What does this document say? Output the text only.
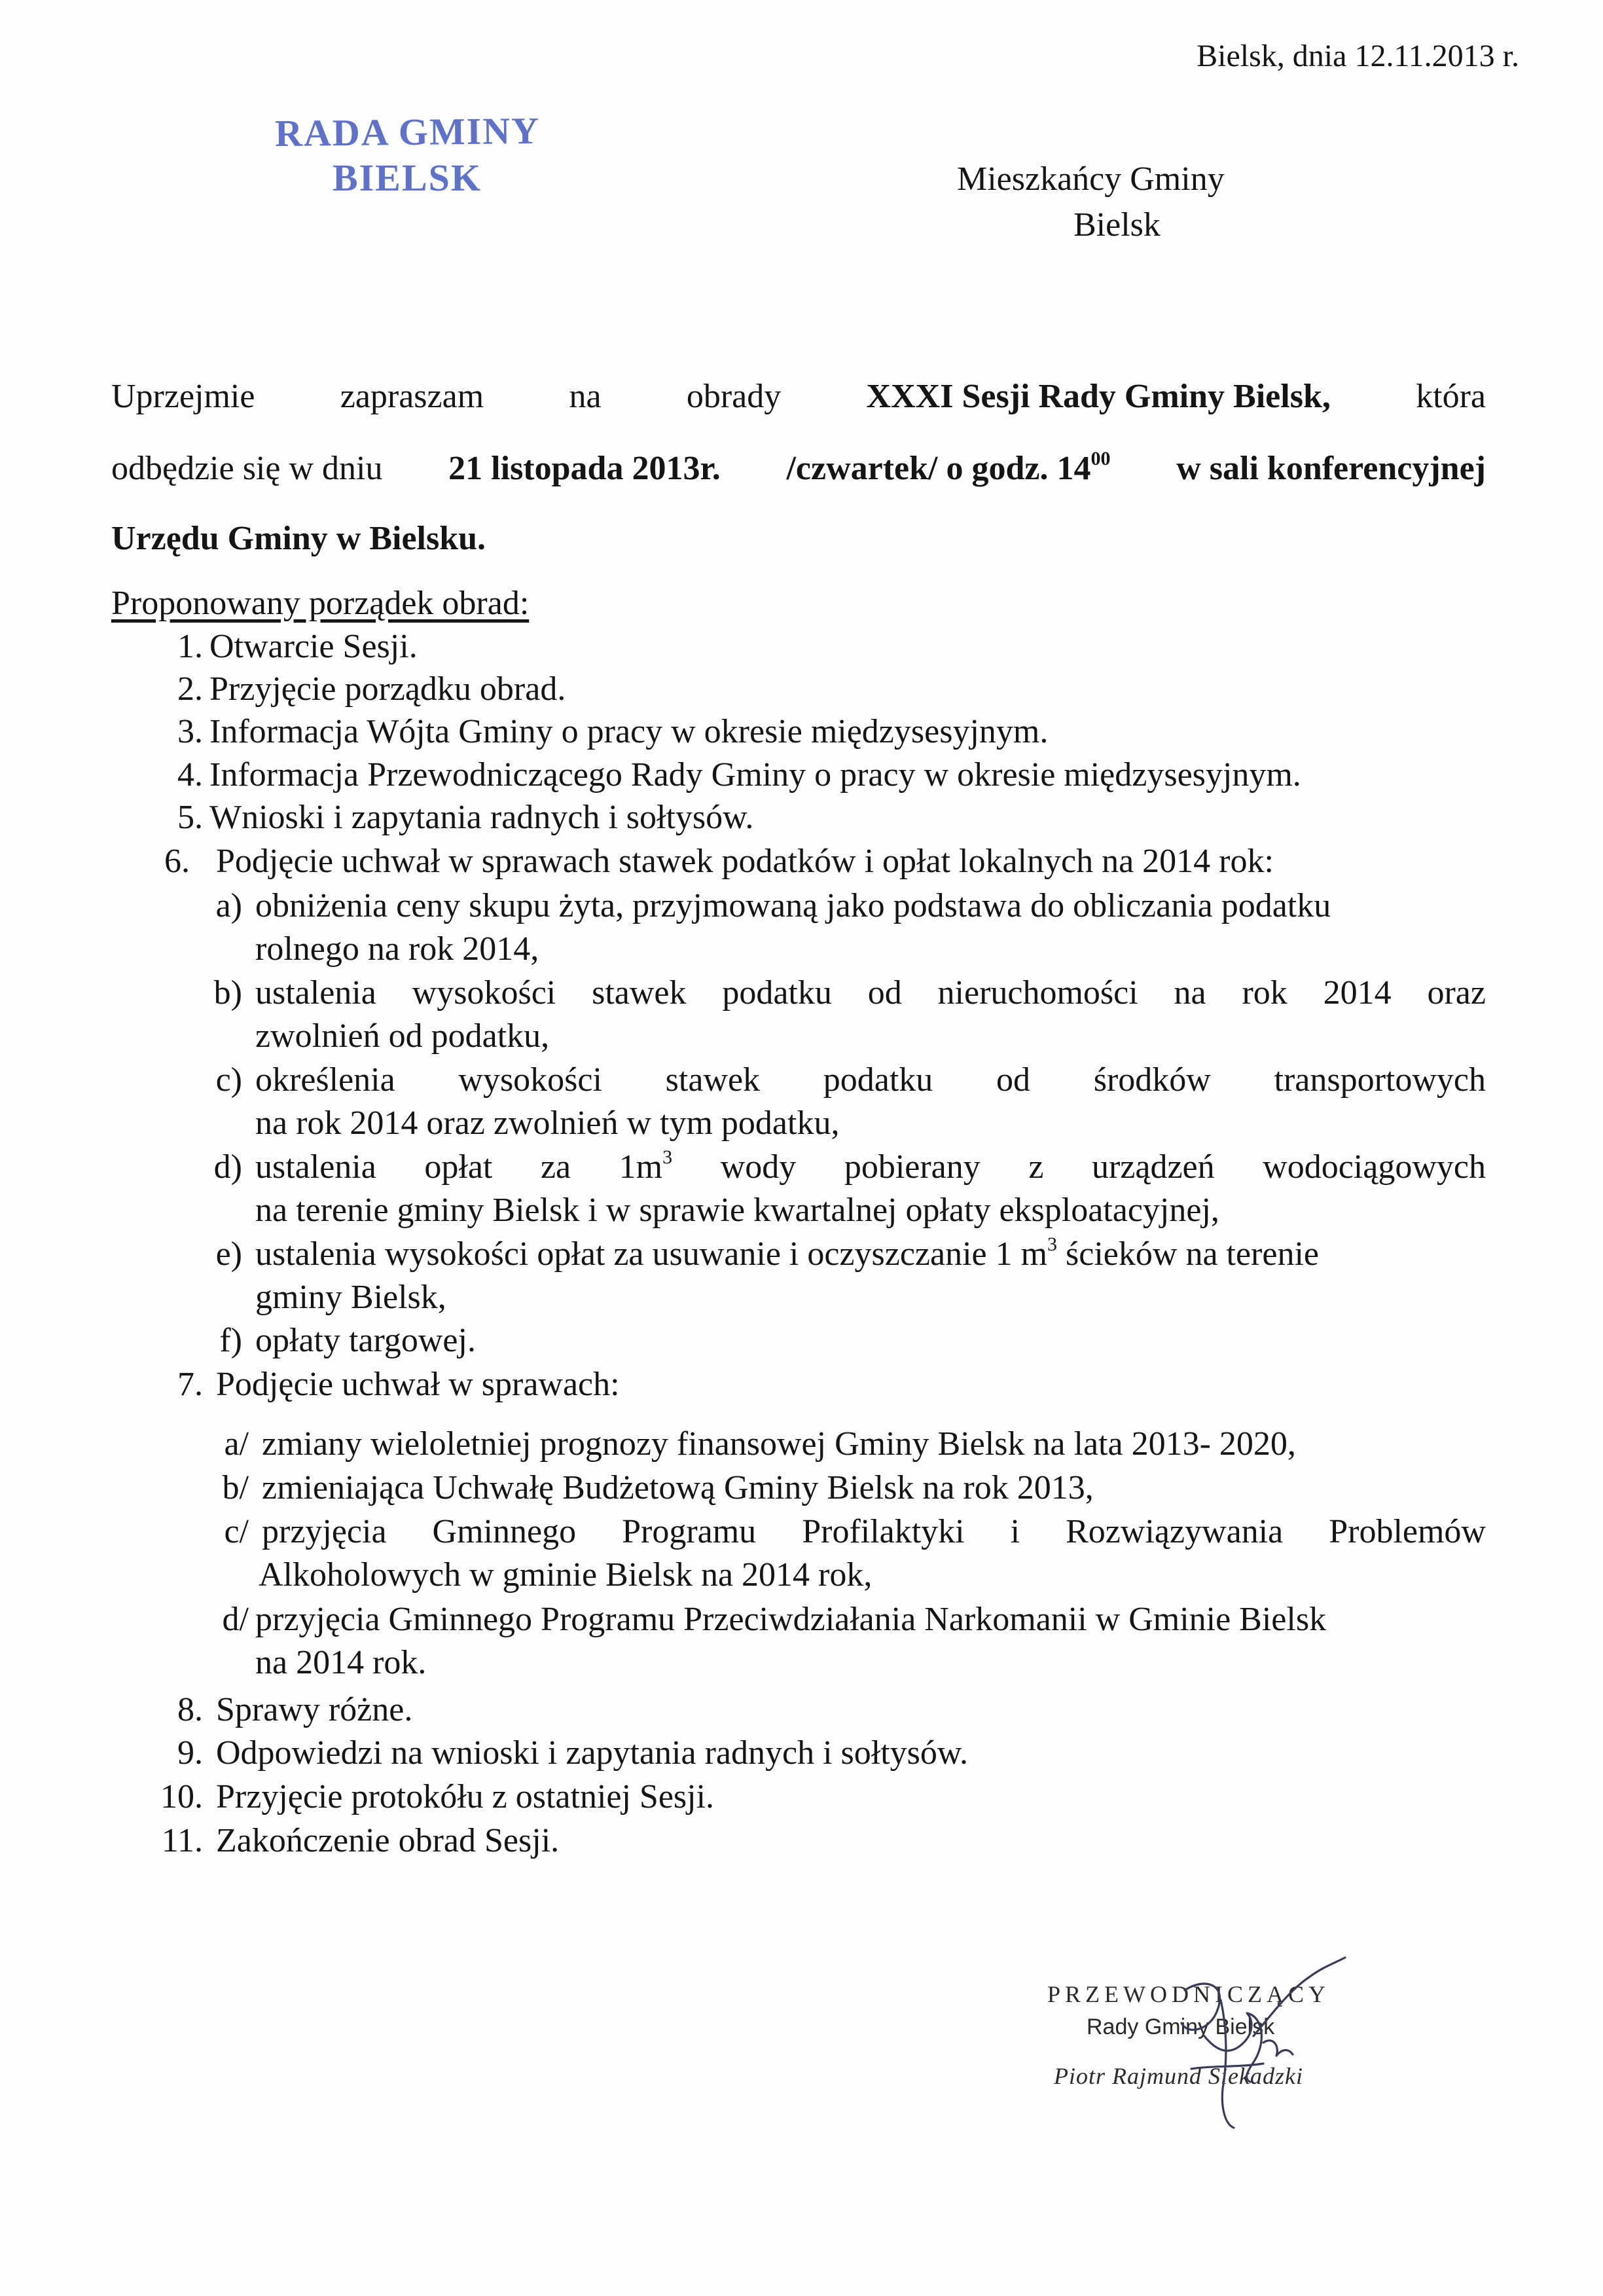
Bielsk, dnia 12.11.2013 r.
RADA GMINY
BIELSK	Mieszkańcy Gminy
Bielsk
Uprzejmie	zapraszam	na	obrady	XXXI Sesji Rady Gminy Bielsk,	która
odbędzie się w dniu 21 listopada 2013r. /czwartek/ o godz. $14^{00}$ w sali konferencyjnej
Urzędu Gminy w Bielsku.
Proponowany porządek obrad:
1. Otwarcie Sesji.
2. Przyjęcie porządku obrad.
3. Informacja Wójta Gminy o pracy w okresie międzysesyjnym.
4. Informacja Przewodniczącego Rady Gminy o pracy w okresie międzysesyjnym.
5. Wnioski i zapytania radnych i sołtysów.
6. Podjęcie uchwał w sprawach stawek podatków i opłat lokalnych na 2014 rok:
a) obniżenia ceny skupu żyta, przyjmowaną jako podstawa do obliczania podatku
rolnego na rok 2014,
b) ustalenia wysokości stawek podatku od nieruchomości na rok 2014 oraz
zwolnień od podatku,
c) określenia wysokości stawek podatku od środków transportowych
na rok 2014 oraz zwolnień w tym podatku,
d) ustalenia opłat za $1m^3$ wody pobierany z urządzeń wodociągowych
na terenie gminy Bielsk i w sprawie kwartalnej opłaty eksploatacyjnej,
e) ustalenia wysokości opłat za usuwanie i oczyszczanie 1 $m^3$ ścieków na terenie
gminy Bielsk,
f) opłaty targowej.
7. Podjęcie uchwał w sprawach:
a/ zmiany wieloletniej prognozy finansowej Gminy Bielsk na lata 2013- 2020,
b/ zmieniająca Uchwałę Budżetową Gminy Bielsk na rok 2013,
c/ przyjęcia Gminnego Programu Profilaktyki i Rozwiązywania Problemów
Alkoholowych w gminie Bielsk na 2014 rok,
d/ przyjęcia Gminnego Programu Przeciwdziałania Narkomanii w Gminie Bielsk
na 2014 rok.
8. Sprawy różne.
9. Odpowiedzi na wnioski i zapytania radnych i sołtysów.
10. Przyjęcie protokółu z ostatniej Sesji.
11. Zakończenie obrad Sesji.
PRZEWODNICZĄCY
Rady Gminy Bielsk
Piotr Rajmund Siekadzki
